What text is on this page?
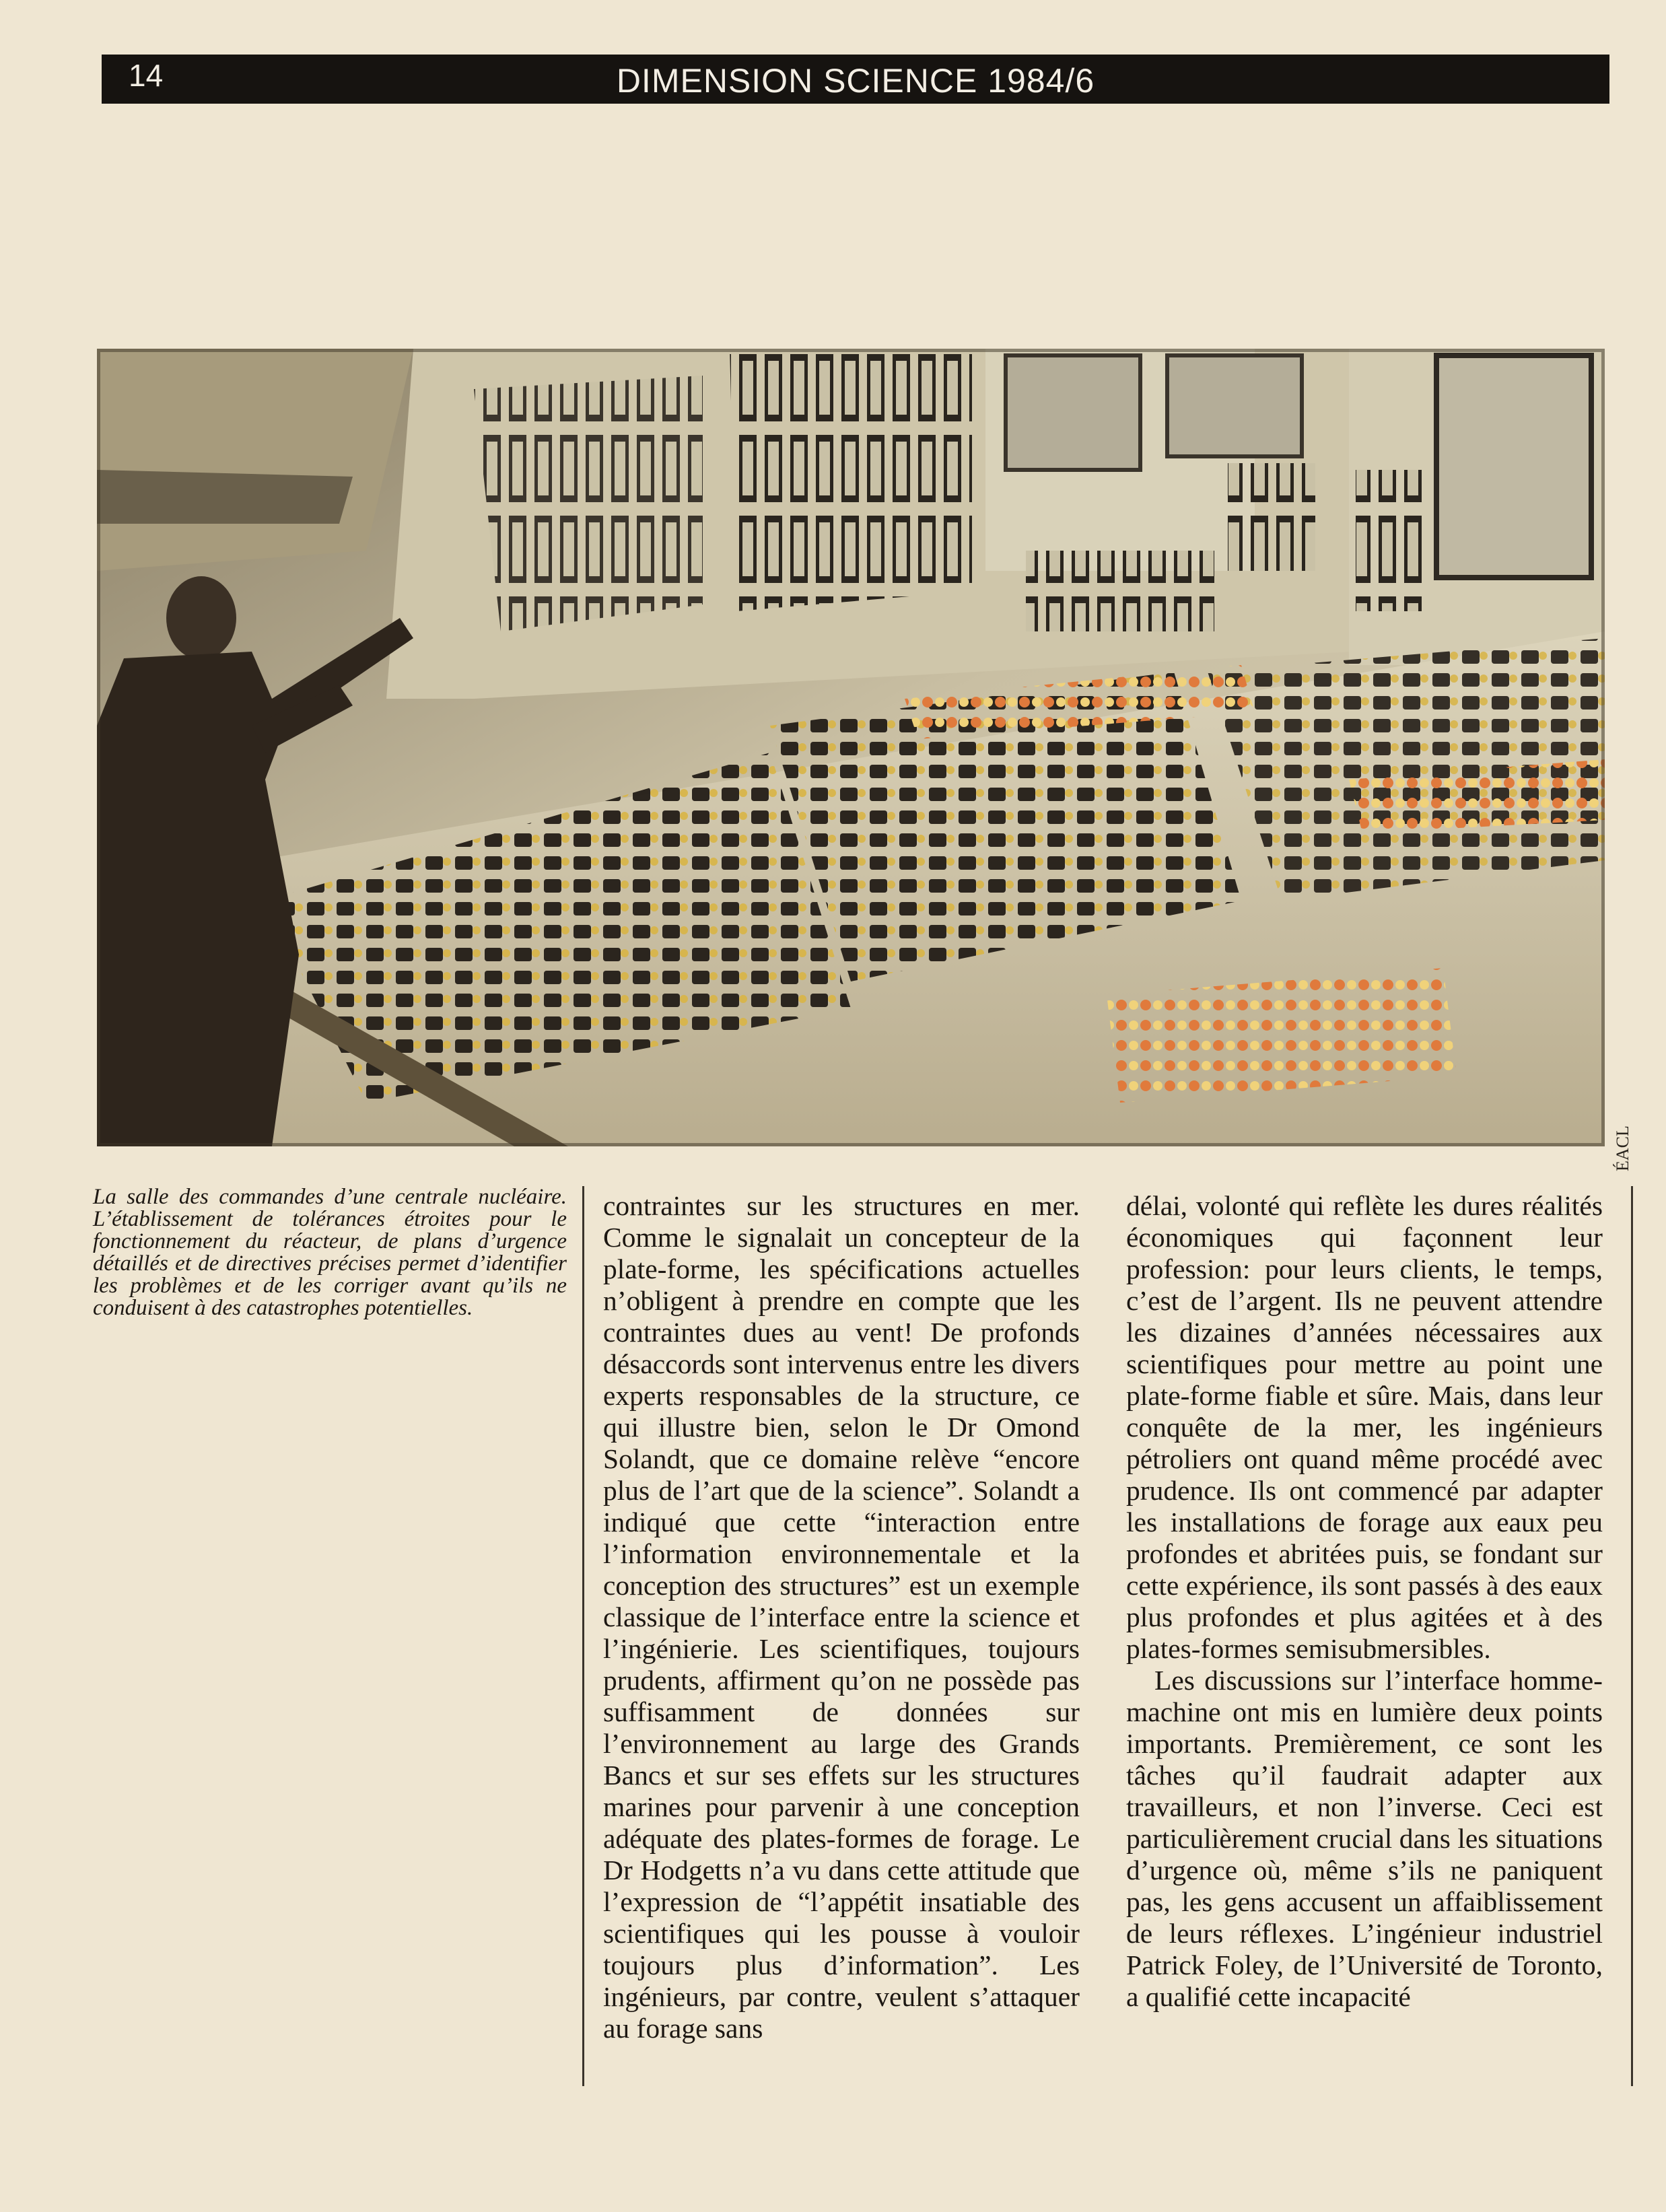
14	DIMENSION SCIENCE 1984/6
ÉACL
La salle des commandes d’une centrale nucléaire. L’établissement de tolérances étroites pour le fonctionnement du réacteur, de plans d’urgence détaillés et de directives précises permet d’identifier les problèmes et de les corriger avant qu’ils ne conduisent à des catastrophes potentielles.

contraintes sur les structures en mer. Comme le signalait un concepteur de la plate-forme, les spécifications actuelles n’obligent à prendre en compte que les contraintes dues au vent! De profonds désaccords sont intervenus entre les divers experts responsables de la structure, ce qui illustre bien, selon le Dr Omond Solandt, que ce domaine relève “encore plus de l’art que de la science”. Solandt a indiqué que cette “interaction entre l’information environnementale et la conception des structures” est un exemple classique de l’interface entre la science et l’ingénierie. Les scientifiques, toujours prudents, affirment qu’on ne possède pas suffisamment de données sur l’environnement au large des Grands Bancs et sur ses effets sur les structures marines pour parvenir à une conception adéquate des plates-formes de forage. Le Dr Hodgetts n’a vu dans cette attitude que l’expression de “l’appétit insatiable des scientifiques qui les pousse à vouloir toujours plus d’information”. Les ingénieurs, par contre, veulent s’attaquer au forage sans

délai, volonté qui reflète les dures réalités économiques qui façonnent leur profession: pour leurs clients, le temps, c’est de l’argent. Ils ne peuvent attendre les dizaines d’années nécessaires aux scientifiques pour mettre au point une plate-forme fiable et sûre. Mais, dans leur conquête de la mer, les ingénieurs pétroliers ont quand même procédé avec prudence. Ils ont commencé par adapter les installations de forage aux eaux peu profondes et abritées puis, se fondant sur cette expérience, ils sont passés à des eaux plus profondes et plus agitées et à des plates-formes semisubmersibles.

Les discussions sur l’interface homme-machine ont mis en lumière deux points importants. Premièrement, ce sont les tâches qu’il faudrait adapter aux travailleurs, et non l’inverse. Ceci est particulièrement crucial dans les situations d’urgence où, même s’ils ne paniquent pas, les gens accusent un affaiblissement de leurs réflexes. L’ingénieur industriel Patrick Foley, de l’Université de Toronto, a qualifié cette incapacité
